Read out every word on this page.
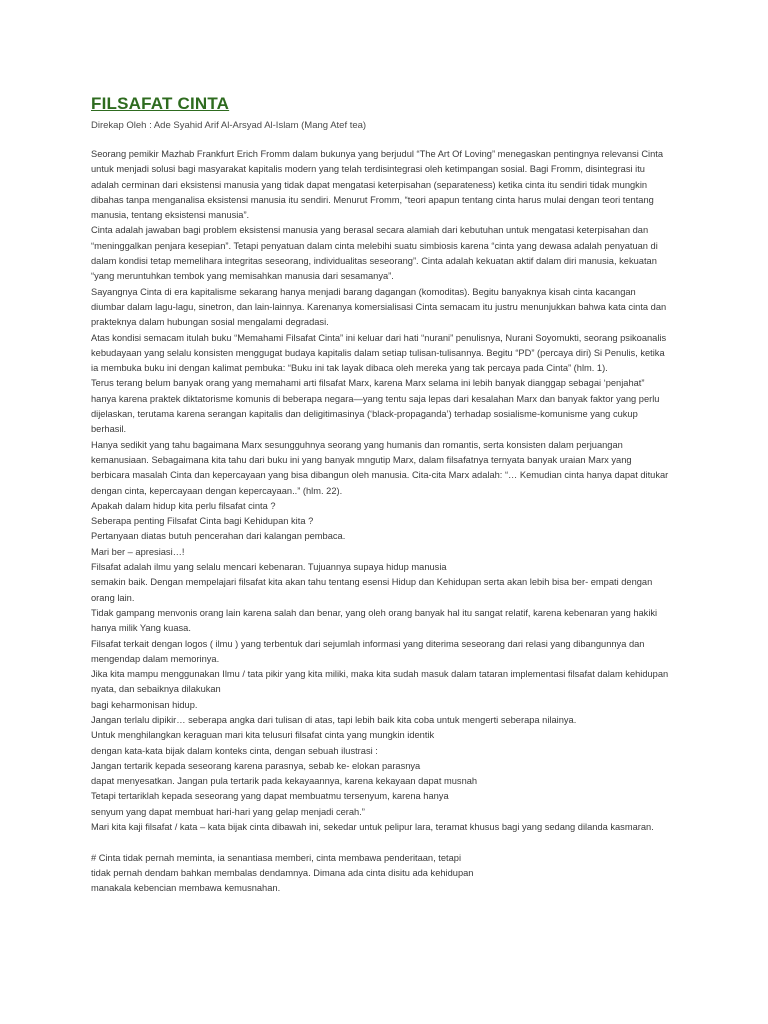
FILSAFAT CINTA
Direkap Oleh : Ade Syahid Arif Al-Arsyad Al-Islam (Mang Atef tea)
Seorang pemikir Mazhab Frankfurt Erich Fromm dalam bukunya yang berjudul “The Art Of Loving” menegaskan pentingnya relevansi Cinta
untuk menjadi solusi bagi masyarakat kapitalis modern yang telah terdisintegrasi oleh ketimpangan sosial. Bagi Fromm, disintegrasi itu
adalah cerminan dari eksistensi manusia yang tidak dapat mengatasi keterpisahan (separateness) ketika cinta itu sendiri tidak mungkin
dibahas tanpa menganalisa eksistensi manusia itu sendiri. Menurut Fromm, “teori apapun tentang cinta harus mulai dengan teori tentang
manusia, tentang eksistensi manusia”.
Cinta adalah jawaban bagi problem eksistensi manusia yang berasal secara alamiah dari kebutuhan untuk mengatasi keterpisahan dan
“meninggalkan penjara kesepian”. Tetapi penyatuan dalam cinta melebihi suatu simbiosis karena “cinta yang dewasa adalah penyatuan di
dalam kondisi tetap memelihara integritas seseorang, individualitas seseorang”. Cinta adalah kekuatan aktif dalam diri manusia, kekuatan
“yang meruntuhkan tembok yang memisahkan manusia dari sesamanya”.
Sayangnya Cinta di era kapitalisme sekarang hanya menjadi barang dagangan (komoditas). Begitu banyaknya kisah cinta kacangan
diumbar dalam lagu-lagu, sinetron, dan lain-lainnya. Karenanya komersialisasi Cinta semacam itu justru menunjukkan bahwa kata cinta dan
prakteknya dalam hubungan sosial mengalami degradasi.
Atas kondisi semacam itulah buku “Memahami Filsafat Cinta” ini keluar dari hati “nurani” penulisnya, Nurani Soyomukti, seorang psikoanalis
kebudayaan yang selalu konsisten menggugat budaya kapitalis dalam setiap tulisan-tulisannya. Begitu “PD” (percaya diri) Si Penulis, ketika
ia membuka buku ini dengan kalimat pembuka: “Buku ini tak layak dibaca oleh mereka yang tak percaya pada Cinta” (hlm. 1).
Terus terang belum banyak orang yang memahami arti filsafat Marx, karena Marx selama ini lebih banyak dianggap sebagai ‘penjahat”
hanya karena praktek diktatorisme komunis di beberapa negara—yang tentu saja lepas dari kesalahan Marx dan banyak faktor yang perlu
dijelaskan, terutama karena serangan kapitalis dan deligitimasinya (‘black-propaganda’) terhadap sosialisme-komunisme yang cukup
berhasil.
Hanya sedikit yang tahu bagaimana Marx sesungguhnya seorang yang humanis dan romantis, serta konsisten dalam perjuangan
kemanusiaan. Sebagaimana kita tahu dari buku ini yang banyak mngutip Marx, dalam filsafatnya ternyata banyak uraian Marx yang
berbicara masalah Cinta dan kepercayaan yang bisa dibangun oleh manusia. Cita-cita Marx adalah: “… Kemudian cinta hanya dapat ditukar
dengan cinta, kepercayaan dengan kepercayaan..” (hlm. 22).
Apakah dalam hidup kita perlu filsafat cinta ?
Seberapa penting Filsafat Cinta bagi Kehidupan kita ?
Pertanyaan diatas butuh pencerahan dari kalangan pembaca.
Mari ber – apresiasi…!
Filsafat adalah ilmu yang selalu mencari kebenaran. Tujuannya supaya hidup manusia
semakin baik. Dengan mempelajari filsafat kita akan tahu tentang esensi Hidup dan Kehidupan serta akan lebih bisa ber- empati dengan
orang lain.
Tidak gampang menvonis orang lain karena salah dan benar, yang oleh orang banyak hal itu sangat relatif, karena kebenaran yang hakiki
hanya milik Yang kuasa.
Filsafat terkait dengan logos ( ilmu ) yang terbentuk dari sejumlah informasi yang diterima seseorang dari relasi yang dibangunnya dan
mengendap dalam memorinya.
Jika kita mampu menggunakan Ilmu / tata pikir yang kita miliki, maka kita sudah masuk dalam tataran implementasi filsafat dalam kehidupan
nyata, dan sebaiknya dilakukan
bagi keharmonisan hidup.
Jangan terlalu dipikir… seberapa angka dari tulisan di atas, tapi lebih baik kita coba untuk mengerti seberapa nilainya.
Untuk menghilangkan keraguan mari kita telusuri filsafat cinta yang mungkin identik
dengan kata-kata bijak dalam konteks cinta, dengan sebuah ilustrasi :
Jangan tertarik kepada seseorang karena parasnya, sebab ke- elokan parasnya
dapat menyesatkan. Jangan pula tertarik pada kekayaannya, karena kekayaan dapat musnah
Tetapi tertariklah kepada seseorang yang dapat membuatmu tersenyum, karena hanya
senyum yang dapat membuat hari-hari yang gelap menjadi cerah.”
Mari kita kaji filsafat / kata – kata bijak cinta dibawah ini, sekedar untuk pelipur lara, teramat khusus bagi yang sedang dilanda kasmaran.
# Cinta tidak pernah meminta, ia senantiasa memberi, cinta membawa penderitaan, tetapi
tidak pernah dendam bahkan membalas dendamnya. Dimana ada cinta disitu ada kehidupan
manakala kebencian membawa kemusnahan.
